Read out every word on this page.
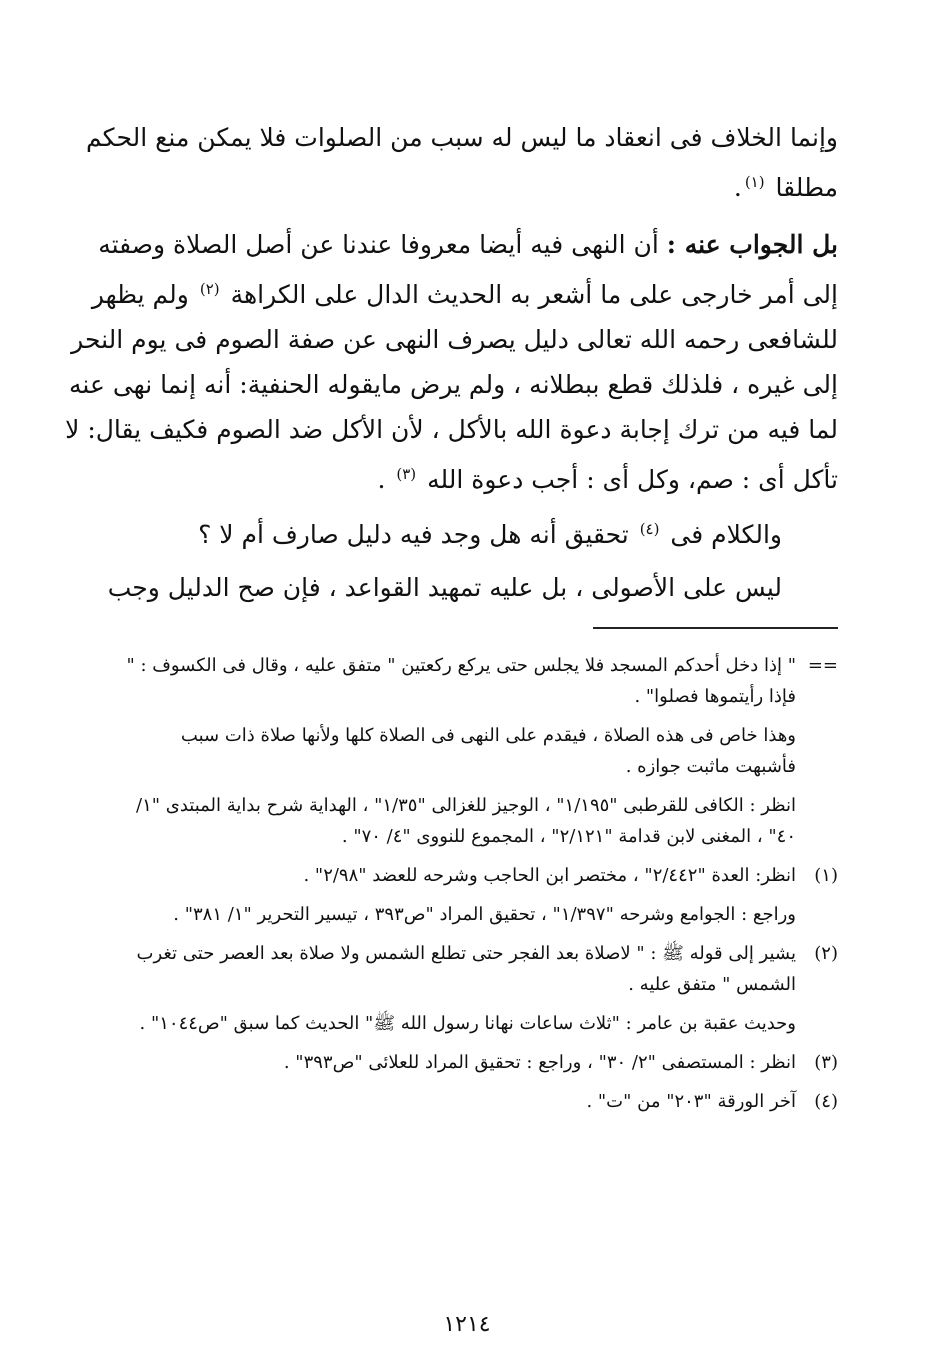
وإنما الخلاف فى انعقاد ما ليس له سبب من الصلوات فلا يمكن منع الحكم
مطلقا $^{(١)}$.
بل الجواب عنه : أن النهى فيه أيضا معروفا عندنا عن أصل الصلاة وصفته
إلى أمر خارجى على ما أشعر به الحديث الدال على الكراهة $^{(٢)}$ ولم يظهر
للشافعى رحمه الله تعالى دليل يصرف النهى عن صفة الصوم فى يوم النحر
إلى غيره ، فلذلك قطع ببطلانه ، ولم يرض مايقوله الحنفية: أنه إنما نهى عنه
لما فيه من ترك إجابة دعوة الله بالأكل ، لأن الأكل ضد الصوم فكيف يقال: لا
تأكل أى : صم، وكل أى : أجب دعوة الله $^{(٣)}$ .
والكلام فى $^{(٤)}$ تحقيق أنه هل وجد فيه دليل صارف أم لا ؟
ليس على الأصولى ، بل عليه تمهيد القواعد ، فإن صح الدليل وجب
==
" إذا دخل أحدكم المسجد فلا يجلس حتى يركع ركعتين " متفق عليه ، وقال فى الكسوف : " فإذا رأيتموها فصلوا" .
وهذا خاص فى هذه الصلاة ، فيقدم على النهى فى الصلاة كلها ولأنها صلاة ذات سبب فأشبهت ماثبت جوازه .
انظر : الكافى للقرطبى "١/١٩٥" ، الوجيز للغزالى "١/٣٥" ، الهداية شرح بداية المبتدى "١/ ٤٠" ، المغنى لابن قدامة "٢/١٢١" ، المجموع للنووى "٤/ ٧٠" .
(١)
انظر: العدة "٢/٤٤٢" ، مختصر ابن الحاجب وشرحه للعضد "٢/٩٨" .
وراجع : الجوامع وشرحه "١/٣٩٧" ، تحقيق المراد "ص٣٩٣ ، تيسير التحرير "١/ ٣٨١" .
(٢)
يشير إلى قوله ﷺ : " لاصلاة بعد الفجر حتى تطلع الشمس ولا صلاة بعد العصر حتى تغرب الشمس " متفق عليه .
وحديث عقبة بن عامر : "ثلاث ساعات نهانا رسول الله ﷺ" الحديث كما سبق "ص١٠٤٤" .
(٣)
انظر : المستصفى "٢/ ٣٠" ، وراجع : تحقيق المراد للعلائى "ص٣٩٣" .
(٤)
آخر الورقة "٢٠٣" من "ت" .
١٢١٤
